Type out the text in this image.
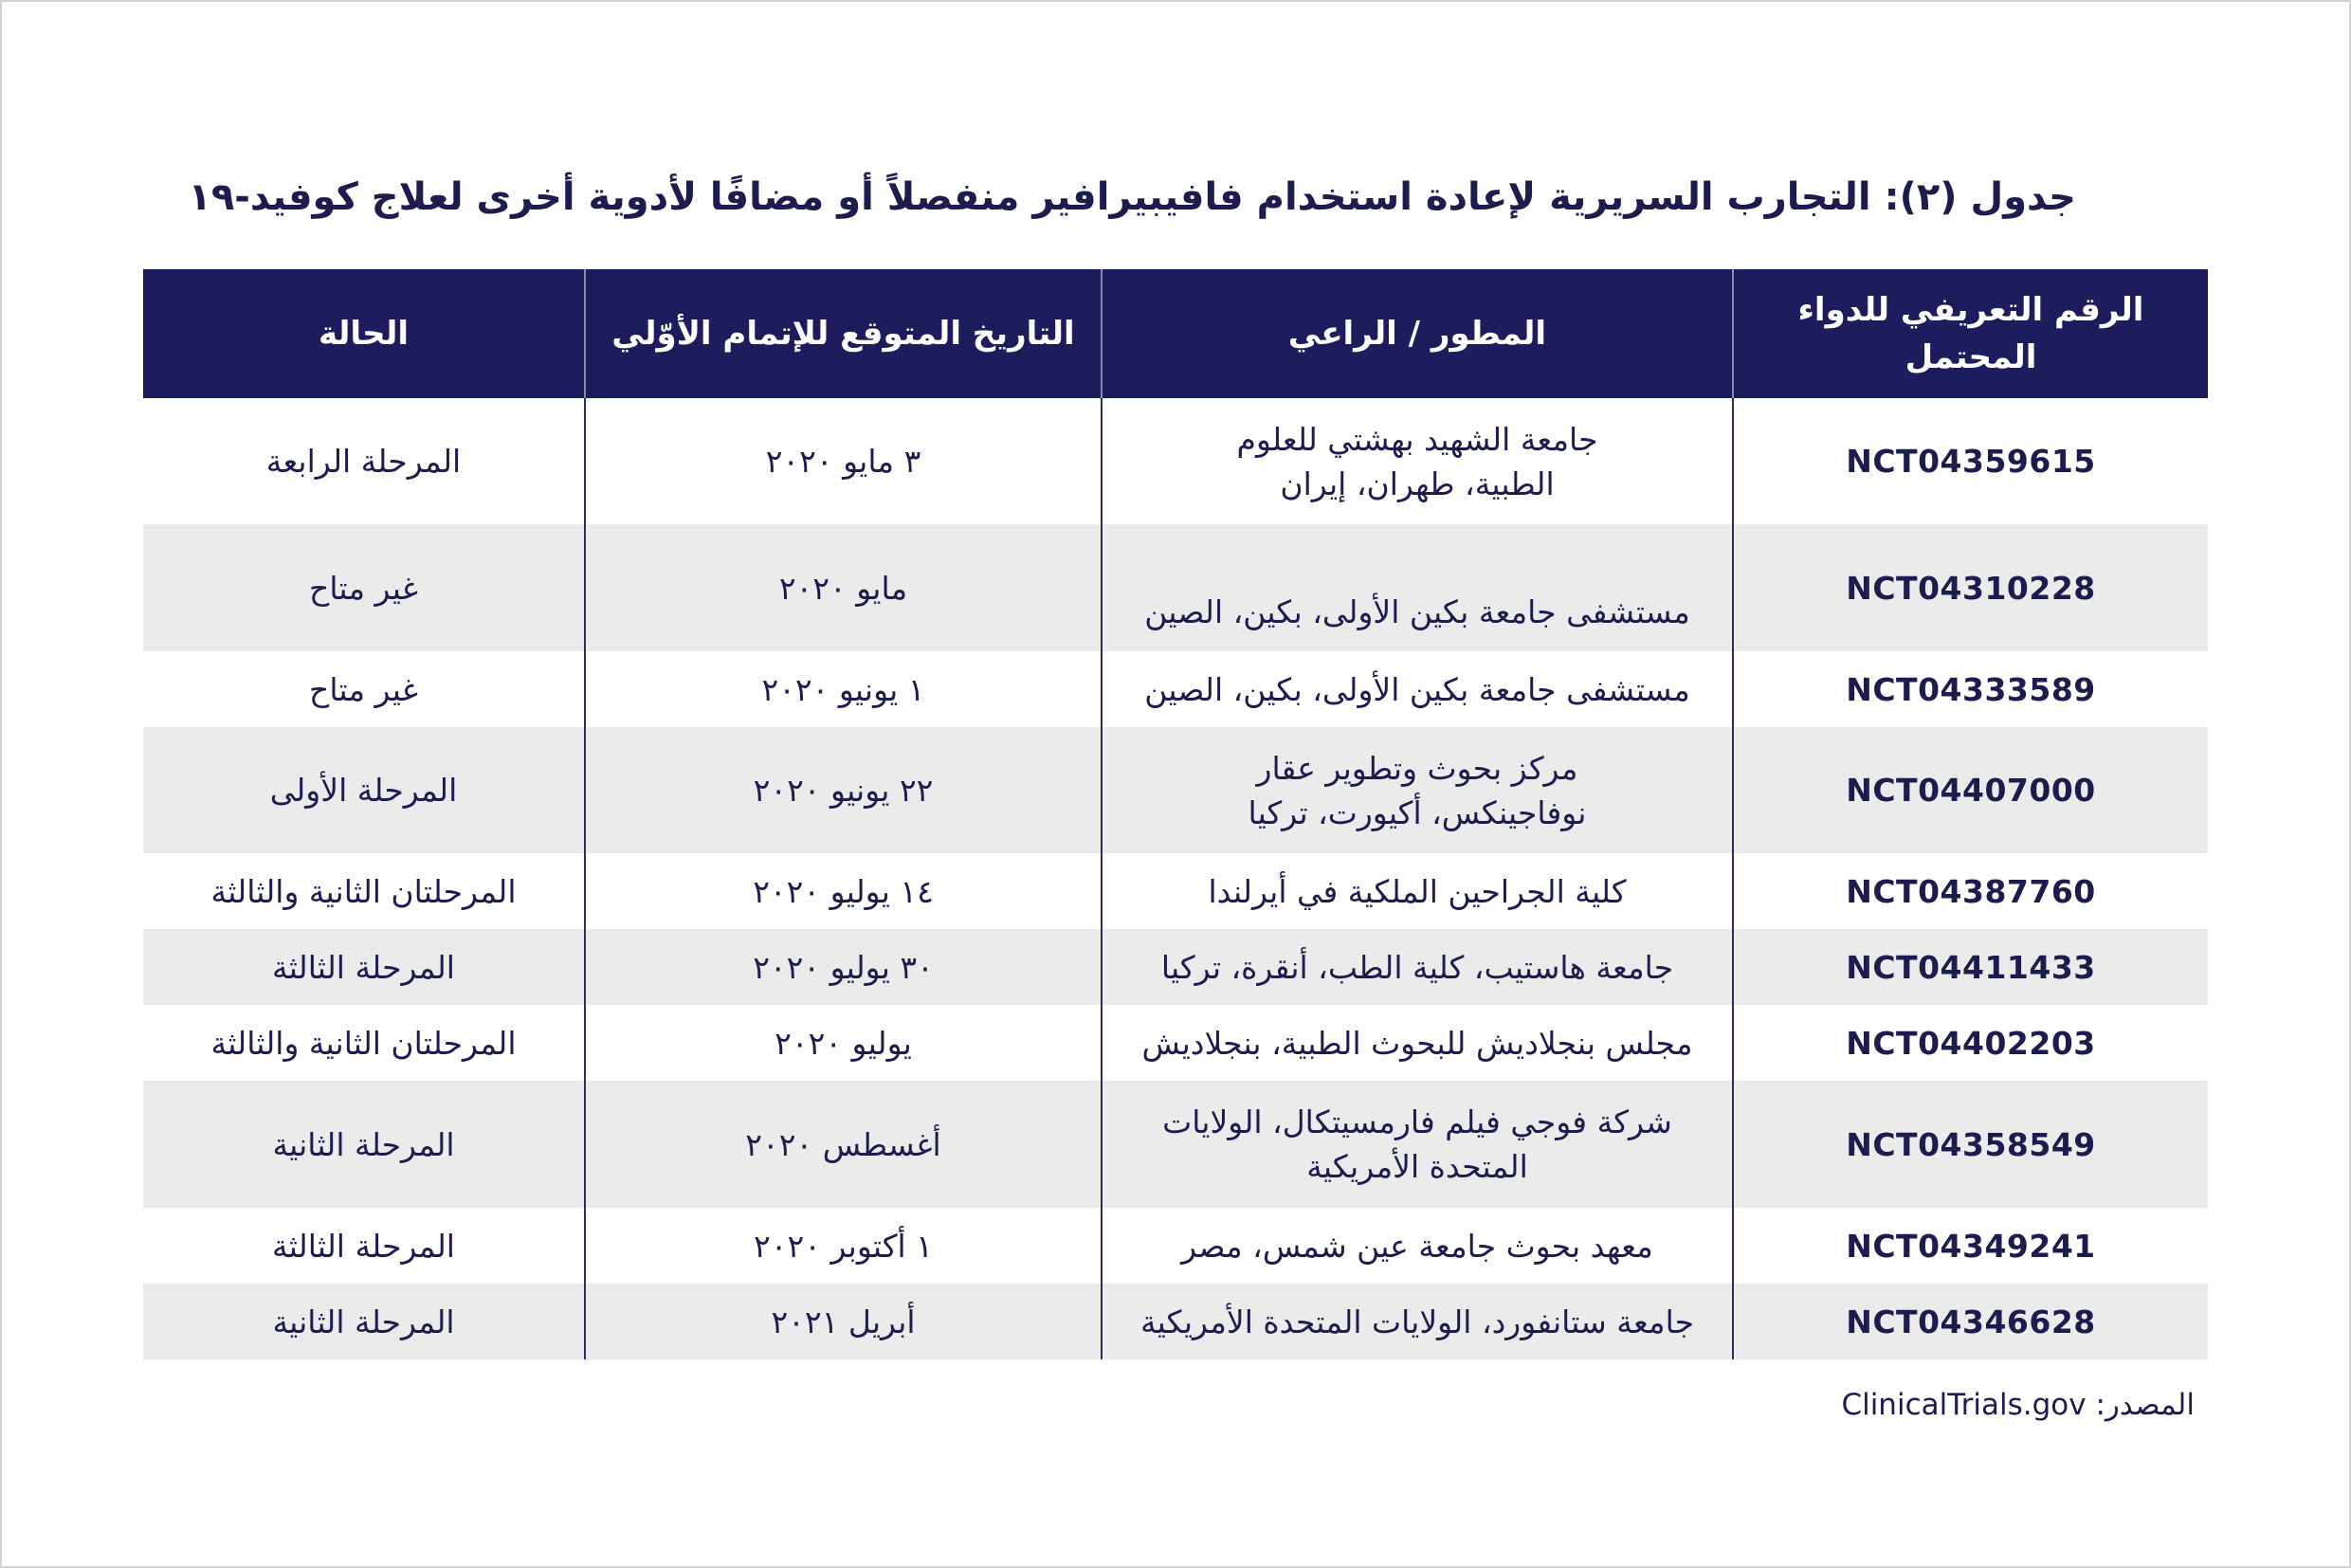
جدول (٢): التجارب السريرية لإعادة استخدام فافيبيرافير منفصلاً أو مضافًا لأدوية أخرى لعلاج كوفيد-١٩
الرقم التعريفي للدواء المحتمل
المطور / الراعي
التاريخ المتوقع للإتمام الأوّلي
الحالة
NCT04359615
جامعة الشهيد بهشتي للعلوم الطبية، طهران، إيران
٣ مايو ٢٠٢٠
المرحلة الرابعة
NCT04310228
مستشفى جامعة بكين الأولى، بكين، الصين
مايو ٢٠٢٠
غير متاح
NCT04333589
مستشفى جامعة بكين الأولى، بكين، الصين
١ يونيو ٢٠٢٠
غير متاح
NCT04407000
مركز بحوث وتطوير عقار نوفاجينكس، أكيورت، تركيا
٢٢ يونيو ٢٠٢٠
المرحلة الأولى
NCT04387760
كلية الجراحين الملكية في أيرلندا
١٤ يوليو ٢٠٢٠
المرحلتان الثانية والثالثة
NCT04411433
جامعة هاستيب، كلية الطب، أنقرة، تركيا
٣٠ يوليو ٢٠٢٠
المرحلة الثالثة
NCT04402203
مجلس بنجلاديش للبحوث الطبية، بنجلاديش
يوليو ٢٠٢٠
المرحلتان الثانية والثالثة
NCT04358549
شركة فوجي فيلم فارمسيتكال، الولايات المتحدة الأمريكية
أغسطس ٢٠٢٠
المرحلة الثانية
NCT04349241
معهد بحوث جامعة عين شمس، مصر
١ أكتوبر ٢٠٢٠
المرحلة الثالثة
NCT04346628
جامعة ستانفورد، الولايات المتحدة الأمريكية
أبريل ٢٠٢١
المرحلة الثانية
المصدر: ClinicalTrials.gov
